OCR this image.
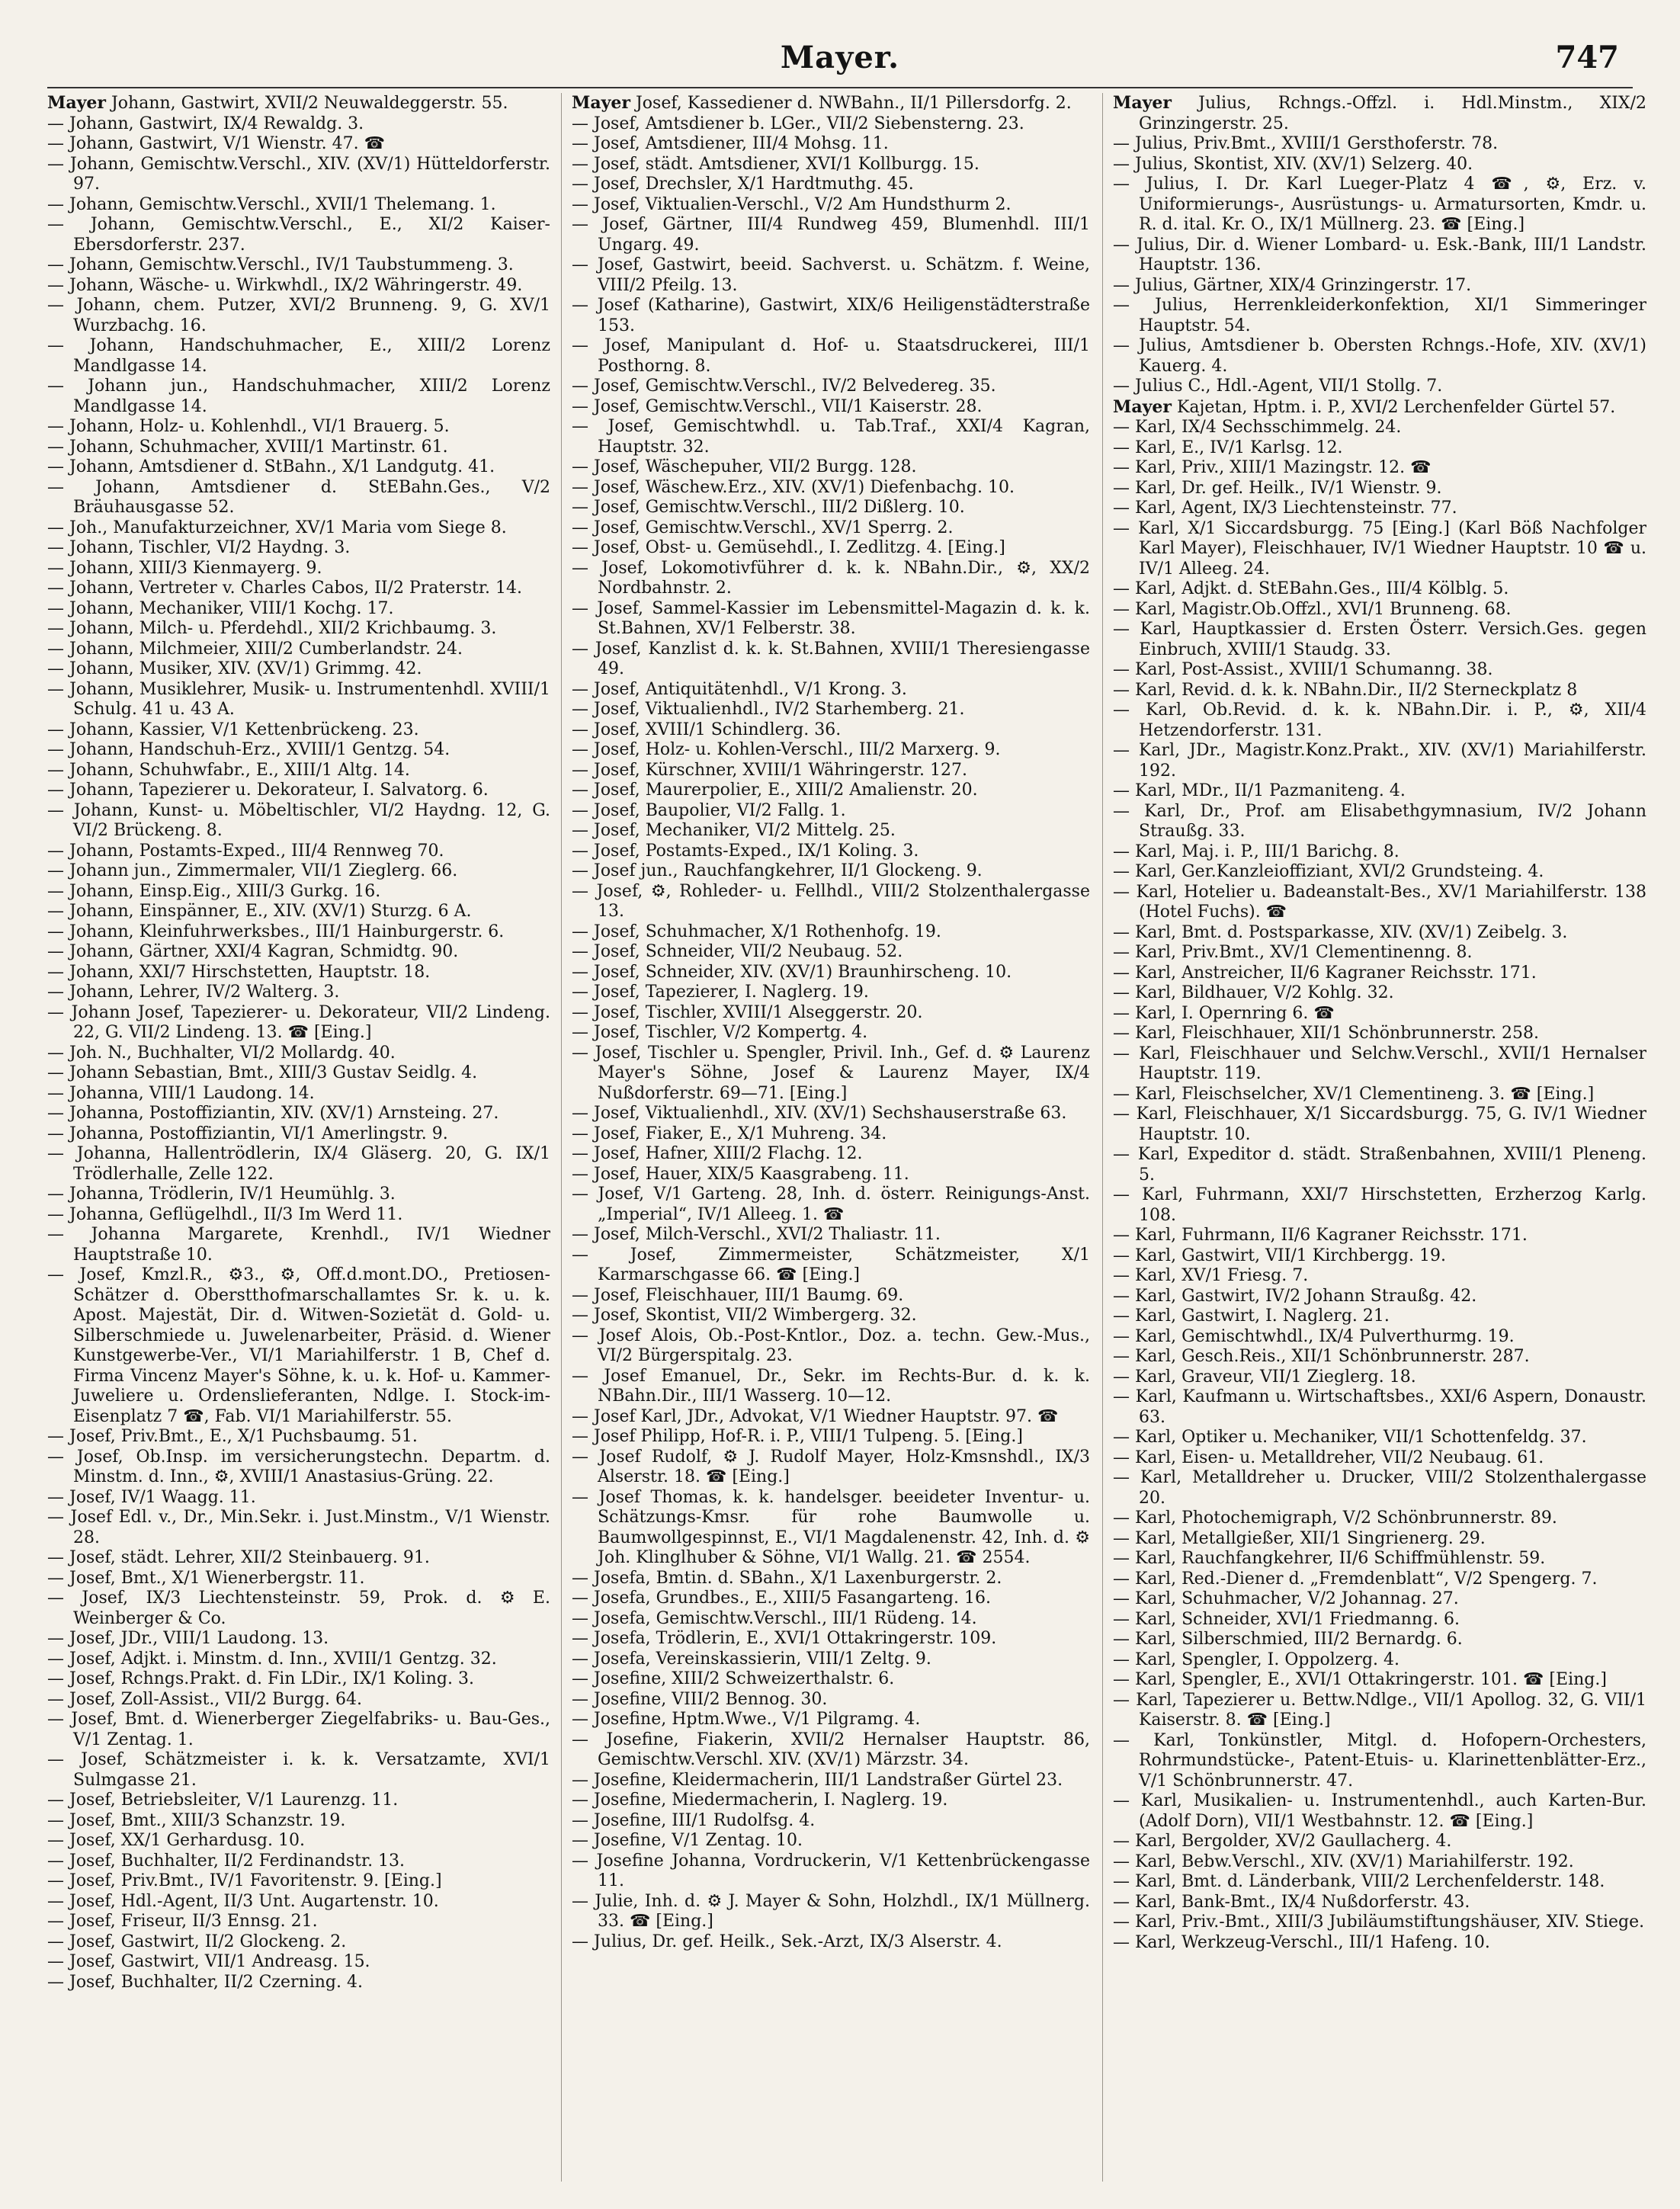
Mayer.	747
Mayer Johann, Gastwirt, XVII/2 Neuwaldeggerstr. 55.
— Johann, Gastwirt, IX/4 Rewaldg. 3.
— Johann, Gastwirt, V/1 Wienstr. 47. ☎
— Johann, Gemischtw.Verschl., XIV. (XV/1) Hütteldorferstr. 97.
— Johann, Gemischtw.Verschl., XVII/1 Thelemang. 1.
— Johann, Gemischtw.Verschl., E., XI/2 Kaiser-Ebersdorferstr. 237.
— Johann, Gemischtw.Verschl., IV/1 Taubstummeng. 3.
— Johann, Wäsche- u. Wirkwhdl., IX/2 Währingerstr. 49.
— Johann, chem. Putzer, XVI/2 Brunneng. 9, G. XV/1 Wurzbachg. 16.
— Johann, Handschuhmacher, E., XIII/2 Lorenz Mandlgasse 14.
— Johann jun., Handschuhmacher, XIII/2 Lorenz Mandlgasse 14.
— Johann, Holz- u. Kohlenhdl., VI/1 Brauerg. 5.
— Johann, Schuhmacher, XVIII/1 Martinstr. 61.
— Johann, Amtsdiener d. StBahn., X/1 Landgutg. 41.
— Johann, Amtsdiener d. StEBahn.Ges., V/2 Bräuhausgasse 52.
— Joh., Manufakturzeichner, XV/1 Maria vom Siege 8.
— Johann, Tischler, VI/2 Haydng. 3.
— Johann, XIII/3 Kienmayerg. 9.
— Johann, Vertreter v. Charles Cabos, II/2 Praterstr. 14.
— Johann, Mechaniker, VIII/1 Kochg. 17.
— Johann, Milch- u. Pferdehdl., XII/2 Krichbaumg. 3.
— Johann, Milchmeier, XIII/2 Cumberlandstr. 24.
— Johann, Musiker, XIV. (XV/1) Grimmg. 42.
— Johann, Musiklehrer, Musik- u. Instrumentenhdl. XVIII/1 Schulg. 41 u. 43 A.
— Johann, Kassier, V/1 Kettenbrückeng. 23.
— Johann, Handschuh-Erz., XVIII/1 Gentzg. 54.
— Johann, Schuhwfabr., E., XIII/1 Altg. 14.
— Johann, Tapezierer u. Dekorateur, I. Salvatorg. 6.
— Johann, Kunst- u. Möbeltischler, VI/2 Haydng. 12, G. VI/2 Brückeng. 8.
— Johann, Postamts-Exped., III/4 Rennweg 70.
— Johann jun., Zimmermaler, VII/1 Zieglerg. 66.
— Johann, Einsp.Eig., XIII/3 Gurkg. 16.
— Johann, Einspänner, E., XIV. (XV/1) Sturzg. 6 A.
— Johann, Kleinfuhrwerksbes., III/1 Hainburgerstr. 6.
— Johann, Gärtner, XXI/4 Kagran, Schmidtg. 90.
— Johann, XXI/7 Hirschstetten, Hauptstr. 18.
— Johann, Lehrer, IV/2 Walterg. 3.
— Johann Josef, Tapezierer- u. Dekorateur, VII/2 Lindeng. 22, G. VII/2 Lindeng. 13. ☎ [Eing.]
— Joh. N., Buchhalter, VI/2 Mollardg. 40.
— Johann Sebastian, Bmt., XIII/3 Gustav Seidlg. 4.
— Johanna, VIII/1 Laudong. 14.
— Johanna, Postoffiziantin, XIV. (XV/1) Arnsteing. 27.
— Johanna, Postoffiziantin, VI/1 Amerlingstr. 9.
— Johanna, Hallentrödlerin, IX/4 Gläserg. 20, G. IX/1 Trödlerhalle, Zelle 122.
— Johanna, Trödlerin, IV/1 Heumühlg. 3.
— Johanna, Geflügelhdl., II/3 Im Werd 11.
— Johanna Margarete, Krenhdl., IV/1 Wiedner Hauptstraße 10.
— Josef, Kmzl.R., ⚙3., ⚙, Off.d.mont.DO., Pretiosen-Schätzer d. Oberstthofmarschallamtes Sr. k. u. k. Apost. Majestät, Dir. d. Witwen-Sozietät d. Gold- u. Silberschmiede u. Juwelenarbeiter, Präsid. d. Wiener Kunstgewerbe-Ver., VI/1 Mariahilferstr. 1 B, Chef d. Firma Vincenz Mayer's Söhne, k. u. k. Hof- u. Kammer-Juweliere u. Ordenslieferanten, Ndlge. I. Stock-im-Eisenplatz 7 ☎, Fab. VI/1 Mariahilferstr. 55.
— Josef, Priv.Bmt., E., X/1 Puchsbaumg. 51.
— Josef, Ob.Insp. im versicherungstechn. Departm. d. Minstm. d. Inn., ⚙, XVIII/1 Anastasius-Grüng. 22.
— Josef, IV/1 Waagg. 11.
— Josef Edl. v., Dr., Min.Sekr. i. Just.Minstm., V/1 Wienstr. 28.
— Josef, städt. Lehrer, XII/2 Steinbauerg. 91.
— Josef, Bmt., X/1 Wienerbergstr. 11.
— Josef, IX/3 Liechtensteinstr. 59, Prok. d. ⚙ E. Weinberger & Co.
— Josef, JDr., VIII/1 Laudong. 13.
— Josef, Adjkt. i. Minstm. d. Inn., XVIII/1 Gentzg. 32.
— Josef, Rchngs.Prakt. d. Fin LDir., IX/1 Koling. 3.
— Josef, Zoll-Assist., VII/2 Burgg. 64.
— Josef, Bmt. d. Wienerberger Ziegelfabriks- u. Bau-Ges., V/1 Zentag. 1.
— Josef, Schätzmeister i. k. k. Versatzamte, XVI/1 Sulmgasse 21.
— Josef, Betriebsleiter, V/1 Laurenzg. 11.
— Josef, Bmt., XIII/3 Schanzstr. 19.
— Josef, XX/1 Gerhardusg. 10.
— Josef, Buchhalter, II/2 Ferdinandstr. 13.
— Josef, Priv.Bmt., IV/1 Favoritenstr. 9. [Eing.]
— Josef, Hdl.-Agent, II/3 Unt. Augartenstr. 10.
— Josef, Friseur, II/3 Ennsg. 21.
— Josef, Gastwirt, II/2 Glockeng. 2.
— Josef, Gastwirt, VII/1 Andreasg. 15.
— Josef, Buchhalter, II/2 Czerning. 4.
Mayer Josef, Kassediener d. NWBahn., II/1 Pillersdorfg. 2.
— Josef, Amtsdiener b. LGer., VII/2 Siebensterng. 23.
— Josef, Amtsdiener, III/4 Mohsg. 11.
— Josef, städt. Amtsdiener, XVI/1 Kollburgg. 15.
— Josef, Drechsler, X/1 Hardtmuthg. 45.
— Josef, Viktualien-Verschl., V/2 Am Hundsthurm 2.
— Josef, Gärtner, III/4 Rundweg 459, Blumenhdl. III/1 Ungarg. 49.
— Josef, Gastwirt, beeid. Sachverst. u. Schätzm. f. Weine, VIII/2 Pfeilg. 13.
— Josef (Katharine), Gastwirt, XIX/6 Heiligenstädterstraße 153.
— Josef, Manipulant d. Hof- u. Staatsdruckerei, III/1 Posthorng. 8.
— Josef, Gemischtw.Verschl., IV/2 Belvedereg. 35.
— Josef, Gemischtw.Verschl., VII/1 Kaiserstr. 28.
— Josef, Gemischtwhdl. u. Tab.Traf., XXI/4 Kagran, Hauptstr. 32.
— Josef, Wäschepuher, VII/2 Burgg. 128.
— Josef, Wäschew.Erz., XIV. (XV/1) Diefenbachg. 10.
— Josef, Gemischtw.Verschl., III/2 Dißlerg. 10.
— Josef, Gemischtw.Verschl., XV/1 Sperrg. 2.
— Josef, Obst- u. Gemüsehdl., I. Zedlitzg. 4. [Eing.]
— Josef, Lokomotivführer d. k. k. NBahn.Dir., ⚙, XX/2 Nordbahnstr. 2.
— Josef, Sammel-Kassier im Lebensmittel-Magazin d. k. k. St.Bahnen, XV/1 Felberstr. 38.
— Josef, Kanzlist d. k. k. St.Bahnen, XVIII/1 Theresiengasse 49.
— Josef, Antiquitätenhdl., V/1 Krong. 3.
— Josef, Viktualienhdl., IV/2 Starhemberg. 21.
— Josef, XVIII/1 Schindlerg. 36.
— Josef, Holz- u. Kohlen-Verschl., III/2 Marxerg. 9.
— Josef, Kürschner, XVIII/1 Währingerstr. 127.
— Josef, Maurerpolier, E., XIII/2 Amalienstr. 20.
— Josef, Baupolier, VI/2 Fallg. 1.
— Josef, Mechaniker, VI/2 Mittelg. 25.
— Josef, Postamts-Exped., IX/1 Koling. 3.
— Josef jun., Rauchfangkehrer, II/1 Glockeng. 9.
— Josef, ⚙, Rohleder- u. Fellhdl., VIII/2 Stolzenthalergasse 13.
— Josef, Schuhmacher, X/1 Rothenhofg. 19.
— Josef, Schneider, VII/2 Neubaug. 52.
— Josef, Schneider, XIV. (XV/1) Braunhirscheng. 10.
— Josef, Tapezierer, I. Naglerg. 19.
— Josef, Tischler, XVIII/1 Alseggerstr. 20.
— Josef, Tischler, V/2 Kompertg. 4.
— Josef, Tischler u. Spengler, Privil. Inh., Gef. d. ⚙ Laurenz Mayer's Söhne, Josef & Laurenz Mayer, IX/4 Nußdorferstr. 69—71. [Eing.]
— Josef, Viktualienhdl., XIV. (XV/1) Sechshauserstraße 63.
— Josef, Fiaker, E., X/1 Muhreng. 34.
— Josef, Hafner, XIII/2 Flachg. 12.
— Josef, Hauer, XIX/5 Kaasgrabeng. 11.
— Josef, V/1 Garteng. 28, Inh. d. österr. Reinigungs-Anst. „Imperial“, IV/1 Alleeg. 1. ☎
— Josef, Milch-Verschl., XVI/2 Thaliastr. 11.
— Josef, Zimmermeister, Schätzmeister, X/1 Karmarschgasse 66. ☎ [Eing.]
— Josef, Fleischhauer, III/1 Baumg. 69.
— Josef, Skontist, VII/2 Wimbergerg. 32.
— Josef Alois, Ob.-Post-Kntlor., Doz. a. techn. Gew.-Mus., VI/2 Bürgerspitalg. 23.
— Josef Emanuel, Dr., Sekr. im Rechts-Bur. d. k. k. NBahn.Dir., III/1 Wasserg. 10—12.
— Josef Karl, JDr., Advokat, V/1 Wiedner Hauptstr. 97. ☎
— Josef Philipp, Hof-R. i. P., VIII/1 Tulpeng. 5. [Eing.]
— Josef Rudolf, ⚙ J. Rudolf Mayer, Holz-Kmsnshdl., IX/3 Alserstr. 18. ☎ [Eing.]
— Josef Thomas, k. k. handelsger. beeideter Inventur- u. Schätzungs-Kmsr. für rohe Baumwolle u. Baumwollgespinnst, E., VI/1 Magdalenenstr. 42, Inh. d. ⚙ Joh. Klinglhuber & Söhne, VI/1 Wallg. 21. ☎ 2554.
— Josefa, Bmtin. d. SBahn., X/1 Laxenburgerstr. 2.
— Josefa, Grundbes., E., XIII/5 Fasangarteng. 16.
— Josefa, Gemischtw.Verschl., III/1 Rüdeng. 14.
— Josefa, Trödlerin, E., XVI/1 Ottakringerstr. 109.
— Josefa, Vereinskassierin, VIII/1 Zeltg. 9.
— Josefine, XIII/2 Schweizerthalstr. 6.
— Josefine, VIII/2 Bennog. 30.
— Josefine, Hptm.Wwe., V/1 Pilgramg. 4.
— Josefine, Fiakerin, XVII/2 Hernalser Hauptstr. 86, Gemischtw.Verschl. XIV. (XV/1) Märzstr. 34.
— Josefine, Kleidermacherin, III/1 Landstraßer Gürtel 23.
— Josefine, Miedermacherin, I. Naglerg. 19.
— Josefine, III/1 Rudolfsg. 4.
— Josefine, V/1 Zentag. 10.
— Josefine Johanna, Vordruckerin, V/1 Kettenbrückengasse 11.
— Julie, Inh. d. ⚙ J. Mayer & Sohn, Holzhdl., IX/1 Müllnerg. 33. ☎ [Eing.]
— Julius, Dr. gef. Heilk., Sek.-Arzt, IX/3 Alserstr. 4.
Mayer Julius, Rchngs.-Offzl. i. Hdl.Minstm., XIX/2 Grinzingerstr. 25.
— Julius, Priv.Bmt., XVIII/1 Gersthoferstr. 78.
— Julius, Skontist, XIV. (XV/1) Selzerg. 40.
— Julius, I. Dr. Karl Lueger-Platz 4 ☎, ⚙, Erz. v. Uniformierungs-, Ausrüstungs- u. Armatursorten, Kmdr. u. R. d. ital. Kr. O., IX/1 Müllnerg. 23. ☎ [Eing.]
— Julius, Dir. d. Wiener Lombard- u. Esk.-Bank, III/1 Landstr. Hauptstr. 136.
— Julius, Gärtner, XIX/4 Grinzingerstr. 17.
— Julius, Herrenkleiderkonfektion, XI/1 Simmeringer Hauptstr. 54.
— Julius, Amtsdiener b. Obersten Rchngs.-Hofe, XIV. (XV/1) Kauerg. 4.
— Julius C., Hdl.-Agent, VII/1 Stollg. 7.
Mayer Kajetan, Hptm. i. P., XVI/2 Lerchenfelder Gürtel 57.
— Karl, IX/4 Sechsschimmelg. 24.
— Karl, E., IV/1 Karlsg. 12.
— Karl, Priv., XIII/1 Mazingstr. 12. ☎
— Karl, Dr. gef. Heilk., IV/1 Wienstr. 9.
— Karl, Agent, IX/3 Liechtensteinstr. 77.
— Karl, X/1 Siccardsburgg. 75 [Eing.] (Karl Böß Nachfolger Karl Mayer), Fleischhauer, IV/1 Wiedner Hauptstr. 10 ☎ u. IV/1 Alleeg. 24.
— Karl, Adjkt. d. StEBahn.Ges., III/4 Kölblg. 5.
— Karl, Magistr.Ob.Offzl., XVI/1 Brunneng. 68.
— Karl, Hauptkassier d. Ersten Österr. Versich.Ges. gegen Einbruch, XVIII/1 Staudg. 33.
— Karl, Post-Assist., XVIII/1 Schumanng. 38.
— Karl, Revid. d. k. k. NBahn.Dir., II/2 Sterneckplatz 8
— Karl, Ob.Revid. d. k. k. NBahn.Dir. i. P., ⚙, XII/4 Hetzendorferstr. 131.
— Karl, JDr., Magistr.Konz.Prakt., XIV. (XV/1) Mariahilferstr. 192.
— Karl, MDr., II/1 Pazmaniteng. 4.
— Karl, Dr., Prof. am Elisabethgymnasium, IV/2 Johann Straußg. 33.
— Karl, Maj. i. P., III/1 Barichg. 8.
— Karl, Ger.Kanzleioffiziant, XVI/2 Grundsteing. 4.
— Karl, Hotelier u. Badeanstalt-Bes., XV/1 Mariahilferstr. 138 (Hotel Fuchs). ☎
— Karl, Bmt. d. Postsparkasse, XIV. (XV/1) Zeibelg. 3.
— Karl, Priv.Bmt., XV/1 Clementinenng. 8.
— Karl, Anstreicher, II/6 Kagraner Reichsstr. 171.
— Karl, Bildhauer, V/2 Kohlg. 32.
— Karl, I. Opernring 6. ☎
— Karl, Fleischhauer, XII/1 Schönbrunnerstr. 258.
— Karl, Fleischhauer und Selchw.Verschl., XVII/1 Hernalser Hauptstr. 119.
— Karl, Fleischselcher, XV/1 Clementineng. 3. ☎ [Eing.]
— Karl, Fleischhauer, X/1 Siccardsburgg. 75, G. IV/1 Wiedner Hauptstr. 10.
— Karl, Expeditor d. städt. Straßenbahnen, XVIII/1 Pleneng. 5.
— Karl, Fuhrmann, XXI/7 Hirschstetten, Erzherzog Karlg. 108.
— Karl, Fuhrmann, II/6 Kagraner Reichsstr. 171.
— Karl, Gastwirt, VII/1 Kirchbergg. 19.
— Karl, XV/1 Friesg. 7.
— Karl, Gastwirt, IV/2 Johann Straußg. 42.
— Karl, Gastwirt, I. Naglerg. 21.
— Karl, Gemischtwhdl., IX/4 Pulverthurmg. 19.
— Karl, Gesch.Reis., XII/1 Schönbrunnerstr. 287.
— Karl, Graveur, VII/1 Zieglerg. 18.
— Karl, Kaufmann u. Wirtschaftsbes., XXI/6 Aspern, Donaustr. 63.
— Karl, Optiker u. Mechaniker, VII/1 Schottenfeldg. 37.
— Karl, Eisen- u. Metalldreher, VII/2 Neubaug. 61.
— Karl, Metalldreher u. Drucker, VIII/2 Stolzenthalergasse 20.
— Karl, Photochemigraph, V/2 Schönbrunnerstr. 89.
— Karl, Metallgießer, XII/1 Singrienerg. 29.
— Karl, Rauchfangkehrer, II/6 Schiffmühlenstr. 59.
— Karl, Red.-Diener d. „Fremdenblatt“, V/2 Spengerg. 7.
— Karl, Schuhmacher, V/2 Johannag. 27.
— Karl, Schneider, XVI/1 Friedmanng. 6.
— Karl, Silberschmied, III/2 Bernardg. 6.
— Karl, Spengler, I. Oppolzerg. 4.
— Karl, Spengler, E., XVI/1 Ottakringerstr. 101. ☎ [Eing.]
— Karl, Tapezierer u. Bettw.Ndlge., VII/1 Apollog. 32, G. VII/1 Kaiserstr. 8. ☎ [Eing.]
— Karl, Tonkünstler, Mitgl. d. Hofopern-Orchesters, Rohrmundstücke-, Patent-Etuis- u. Klarinettenblätter-Erz., V/1 Schönbrunnerstr. 47.
— Karl, Musikalien- u. Instrumentenhdl., auch Karten-Bur. (Adolf Dorn), VII/1 Westbahnstr. 12. ☎ [Eing.]
— Karl, Bergolder, XV/2 Gaullacherg. 4.
— Karl, Bebw.Verschl., XIV. (XV/1) Mariahilferstr. 192.
— Karl, Bmt. d. Länderbank, VIII/2 Lerchenfelderstr. 148.
— Karl, Bank-Bmt., IX/4 Nußdorferstr. 43.
— Karl, Priv.-Bmt., XIII/3 Jubiläumstiftungshäuser, XIV. Stiege.
— Karl, Werkzeug-Verschl., III/1 Hafeng. 10.
